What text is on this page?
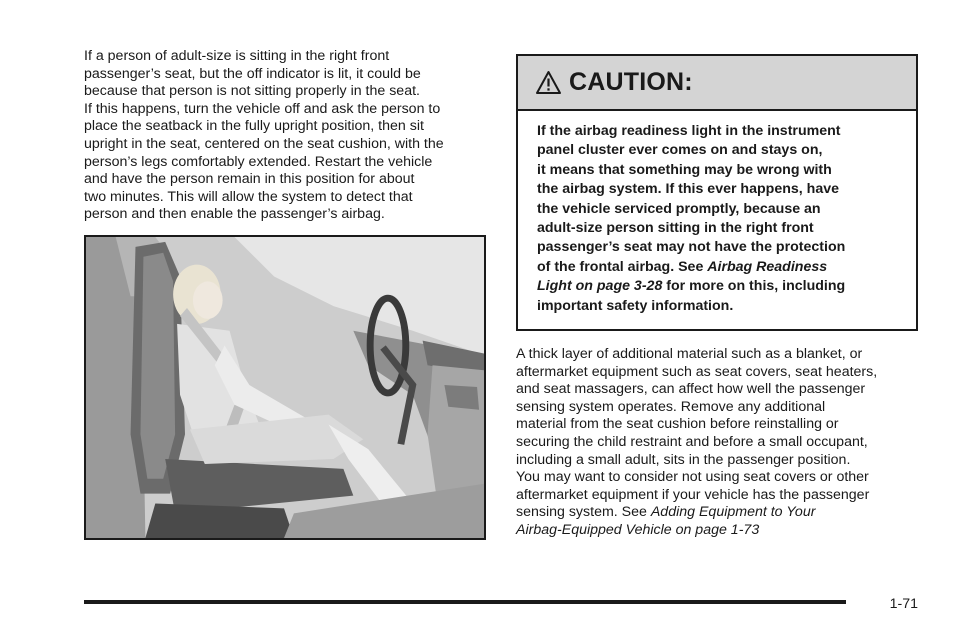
If a person of adult-size is sitting in the right front
passenger’s seat, but the off indicator is lit, it could be
because that person is not sitting properly in the seat.
If this happens, turn the vehicle off and ask the person to
place the seatback in the fully upright position, then sit
upright in the seat, centered on the seat cushion, with the
person’s legs comfortably extended. Restart the vehicle
and have the person remain in this position for about
two minutes. This will allow the system to detect that
person and then enable the passenger’s airbag.

CAUTION:

If the airbag readiness light in the instrument
panel cluster ever comes on and stays on,
it means that something may be wrong with
the airbag system. If this ever happens, have
the vehicle serviced promptly, because an
adult-size person sitting in the right front
passenger’s seat may not have the protection
of the frontal airbag. See Airbag Readiness
Light on page 3-28 for more on this, including
important safety information.

A thick layer of additional material such as a blanket, or
aftermarket equipment such as seat covers, seat heaters,
and seat massagers, can affect how well the passenger
sensing system operates. Remove any additional
material from the seat cushion before reinstalling or
securing the child restraint and before a small occupant,
including a small adult, sits in the passenger position.
You may want to consider not using seat covers or other
aftermarket equipment if your vehicle has the passenger
sensing system. See Adding Equipment to Your
Airbag-Equipped Vehicle on page 1-73

1-71
